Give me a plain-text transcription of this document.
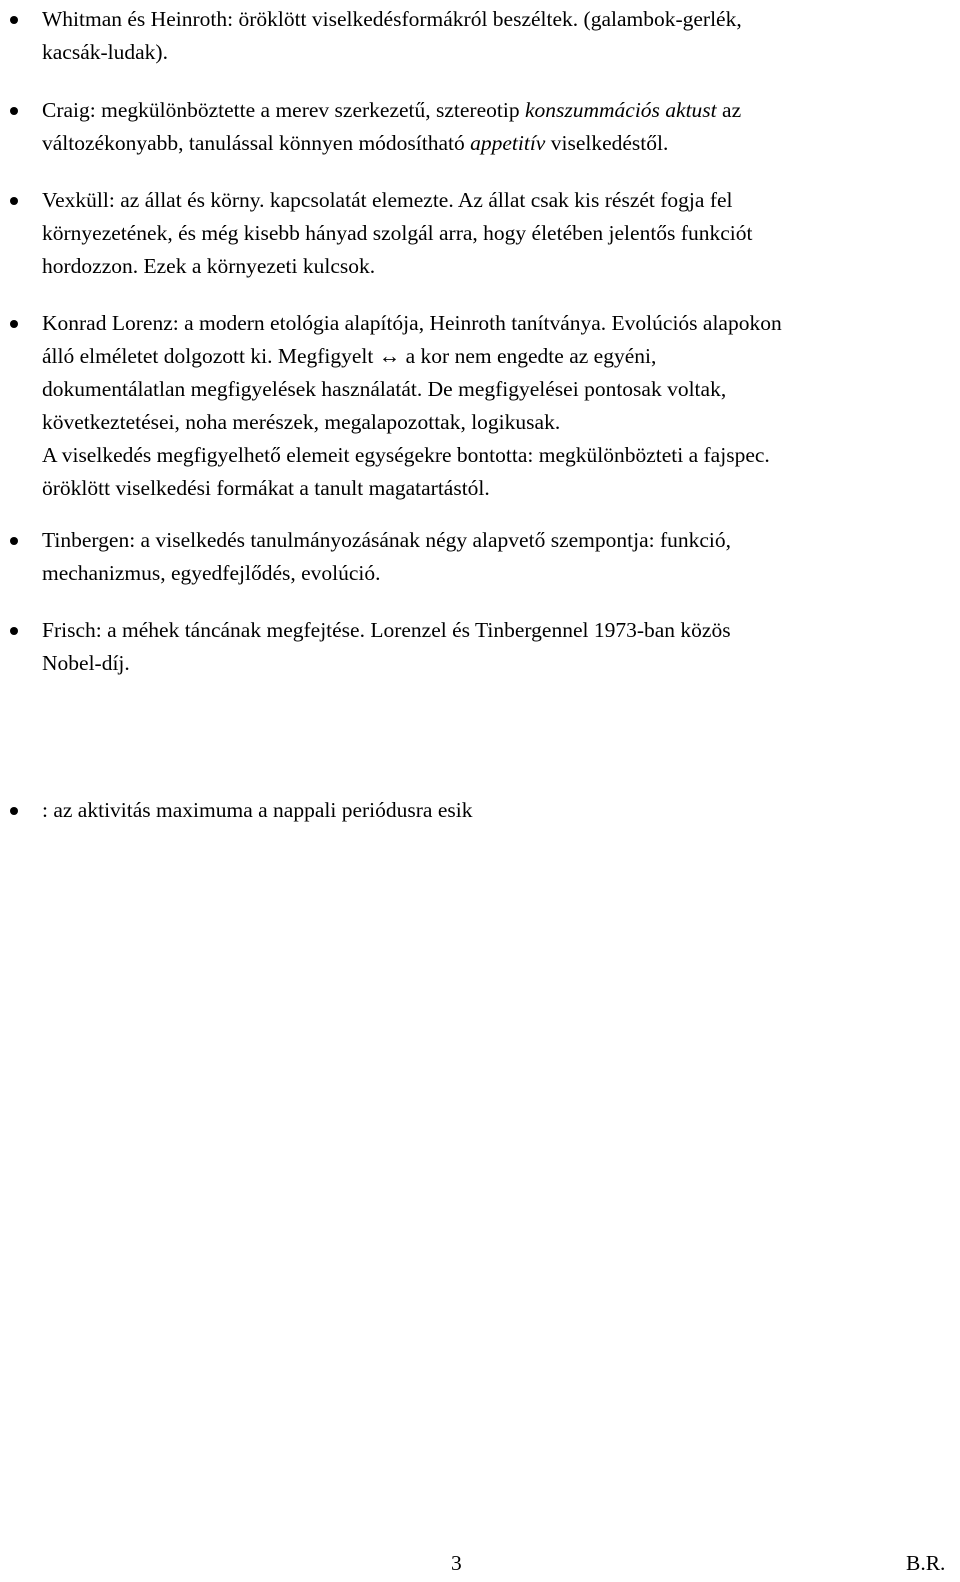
Whitman és Heinroth: öröklött viselkedésformákról beszéltek. (galambok-gerlék,
kacsák-ludak).
Craig: megkülönböztette a merev szerkezetű, sztereotip konszummációs aktust az
változékonyabb, tanulással könnyen módosítható appetitív viselkedéstől.
Vexküll: az állat és körny. kapcsolatát elemezte. Az állat csak kis részét fogja fel
környezetének, és még kisebb hányad szolgál arra, hogy életében jelentős funkciót
hordozzon. Ezek a környezeti kulcsok.
Konrad Lorenz: a modern etológia alapítója, Heinroth tanítványa. Evolúciós alapokon
álló elméletet dolgozott ki. Megfigyelt ↔ a kor nem engedte az egyéni,
dokumentálatlan megfigyelések használatát. De megfigyelései pontosak voltak,
következtetései, noha merészek, megalapozottak, logikusak.
A viselkedés megfigyelhető elemeit egységekre bontotta: megkülönbözteti a fajspec.
öröklött viselkedési formákat a tanult magatartástól.
Tinbergen: a viselkedés tanulmányozásának négy alapvető szempontja: funkció,
mechanizmus, egyedfejlődés, evolúció.
Frisch: a méhek táncának megfejtése. Lorenzel és Tinbergennel 1973-ban közös
Nobel-díj.
: az aktivitás maximuma a nappali periódusra esik
3	B.R.
